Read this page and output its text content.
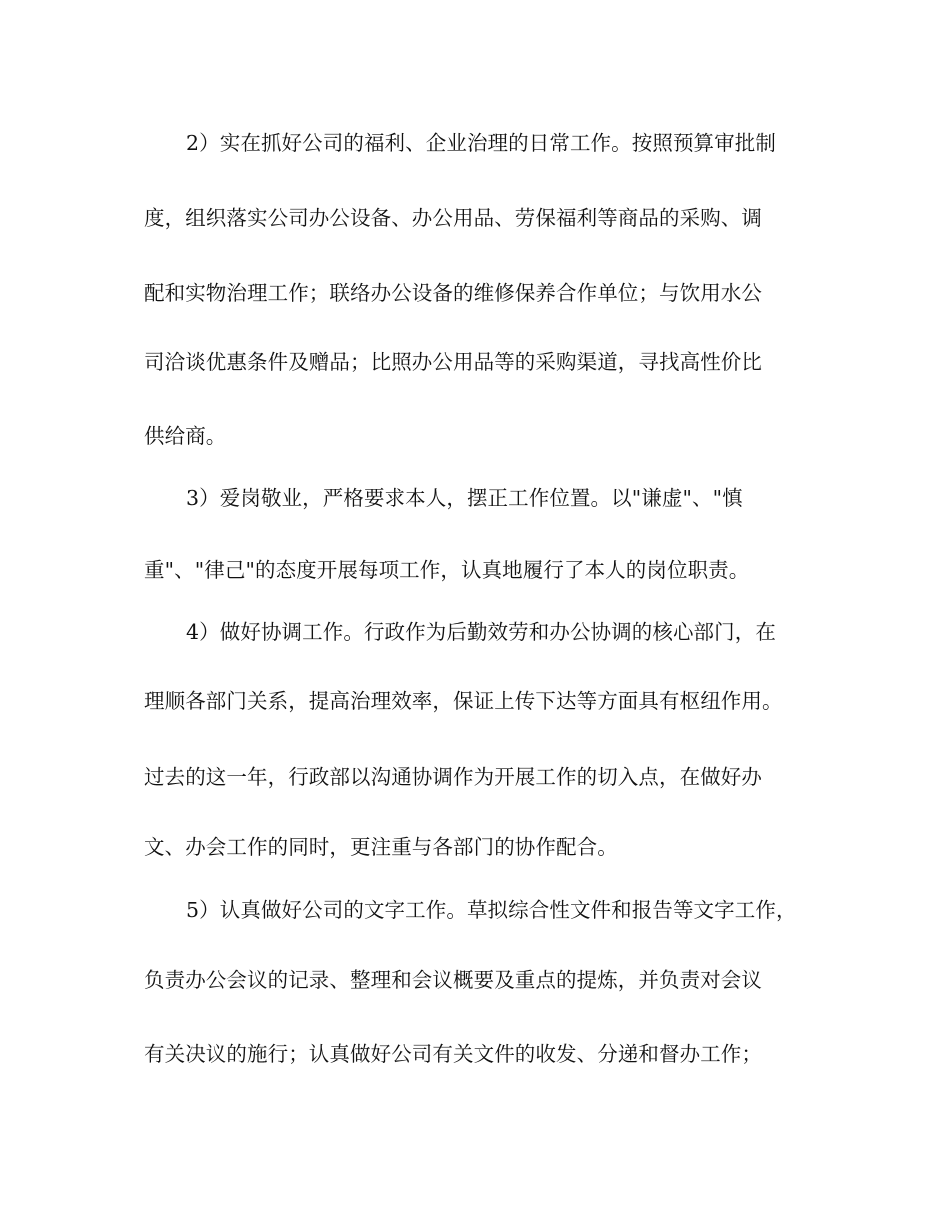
2）实在抓好公司的福利、企业治理的日常工作。按照预算审批制

度，组织落实公司办公设备、办公用品、劳保福利等商品的采购、调

配和实物治理工作；联络办公设备的维修保养合作单位；与饮用水公

司洽谈优惠条件及赠品；比照办公用品等的采购渠道，寻找高性价比

供给商。

3）爱岗敬业，严格要求本人，摆正工作位置。以"谦虚"、"慎

重"、"律己"的态度开展每项工作，认真地履行了本人的岗位职责。

4）做好协调工作。行政作为后勤效劳和办公协调的核心部门，在

理顺各部门关系，提高治理效率，保证上传下达等方面具有枢纽作用。

过去的这一年，行政部以沟通协调作为开展工作的切入点，在做好办

文、办会工作的同时，更注重与各部门的协作配合。

5）认真做好公司的文字工作。草拟综合性文件和报告等文字工作，

负责办公会议的记录、整理和会议概要及重点的提炼，并负责对会议

有关决议的施行；认真做好公司有关文件的收发、分递和督办工作；
